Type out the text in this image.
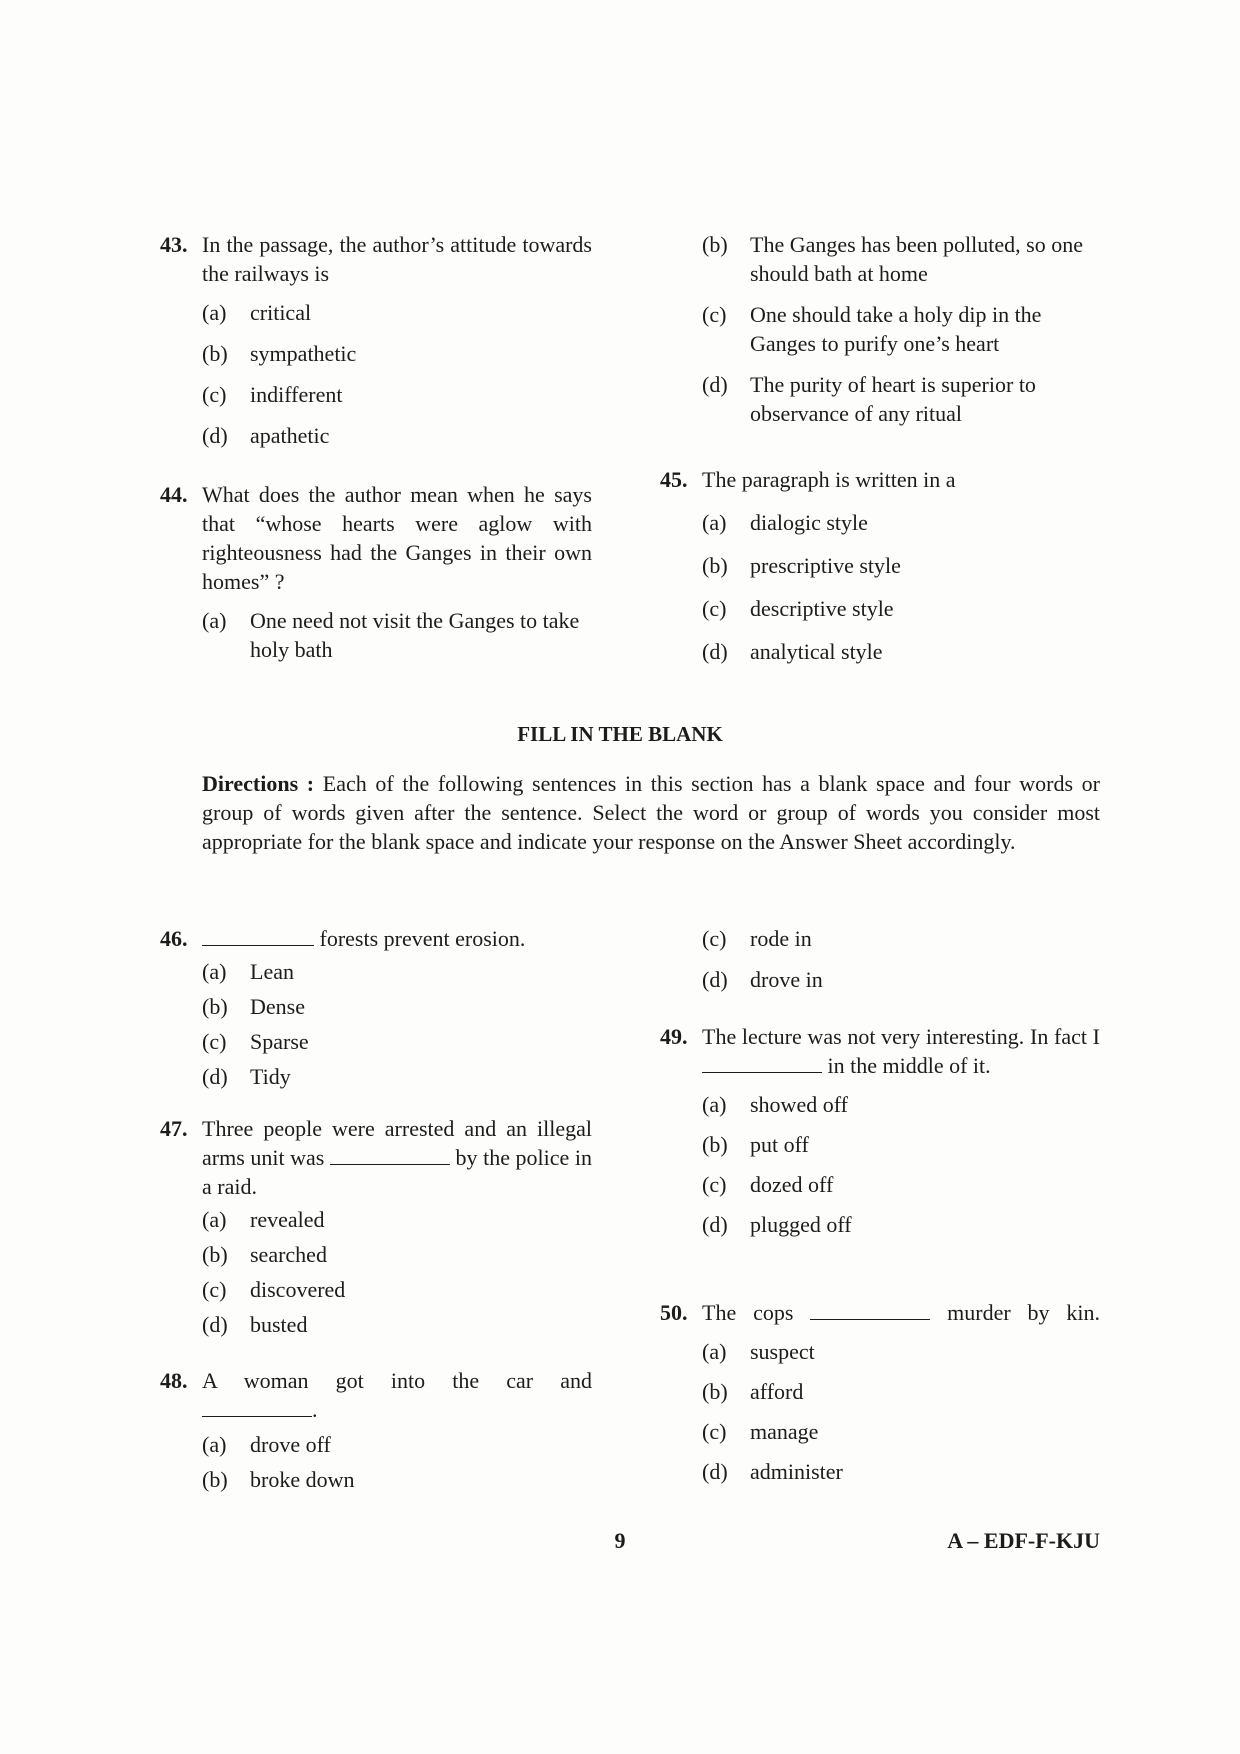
43. In the passage, the author’s attitude towards the railways is
(a) critical
(b) sympathetic
(c) indifferent
(d) apathetic
44. What does the author mean when he says that “whose hearts were aglow with righteousness had the Ganges in their own homes” ?
(a) One need not visit the Ganges to take holy bath
(b) The Ganges has been polluted, so one should bath at home
(c) One should take a holy dip in the Ganges to purify one’s heart
(d) The purity of heart is superior to observance of any ritual
45. The paragraph is written in a
(a) dialogic style
(b) prescriptive style
(c) descriptive style
(d) analytical style
FILL IN THE BLANK
Directions : Each of the following sentences in this section has a blank space and four words or group of words given after the sentence. Select the word or group of words you consider most appropriate for the blank space and indicate your response on the Answer Sheet accordingly.
46.	forests prevent erosion.
(a) Lean
(b) Dense
(c) Sparse
(d) Tidy
47. Three people were arrested and an illegal arms unit was	by the police in a raid.
(a) revealed
(b) searched
(c) discovered
(d) busted
48. A woman got into the car and
.
(a) drove off
(b) broke down
(c) rode in
(d) drove in
49. The lecture was not very interesting. In fact I  in the middle of it.
(a) showed off
(b) put off
(c) dozed off
(d) plugged off
50. The cops	murder by kin.
(a) suspect
(b) afford
(c) manage
(d) administer
9	A – EDF-F-KJU
